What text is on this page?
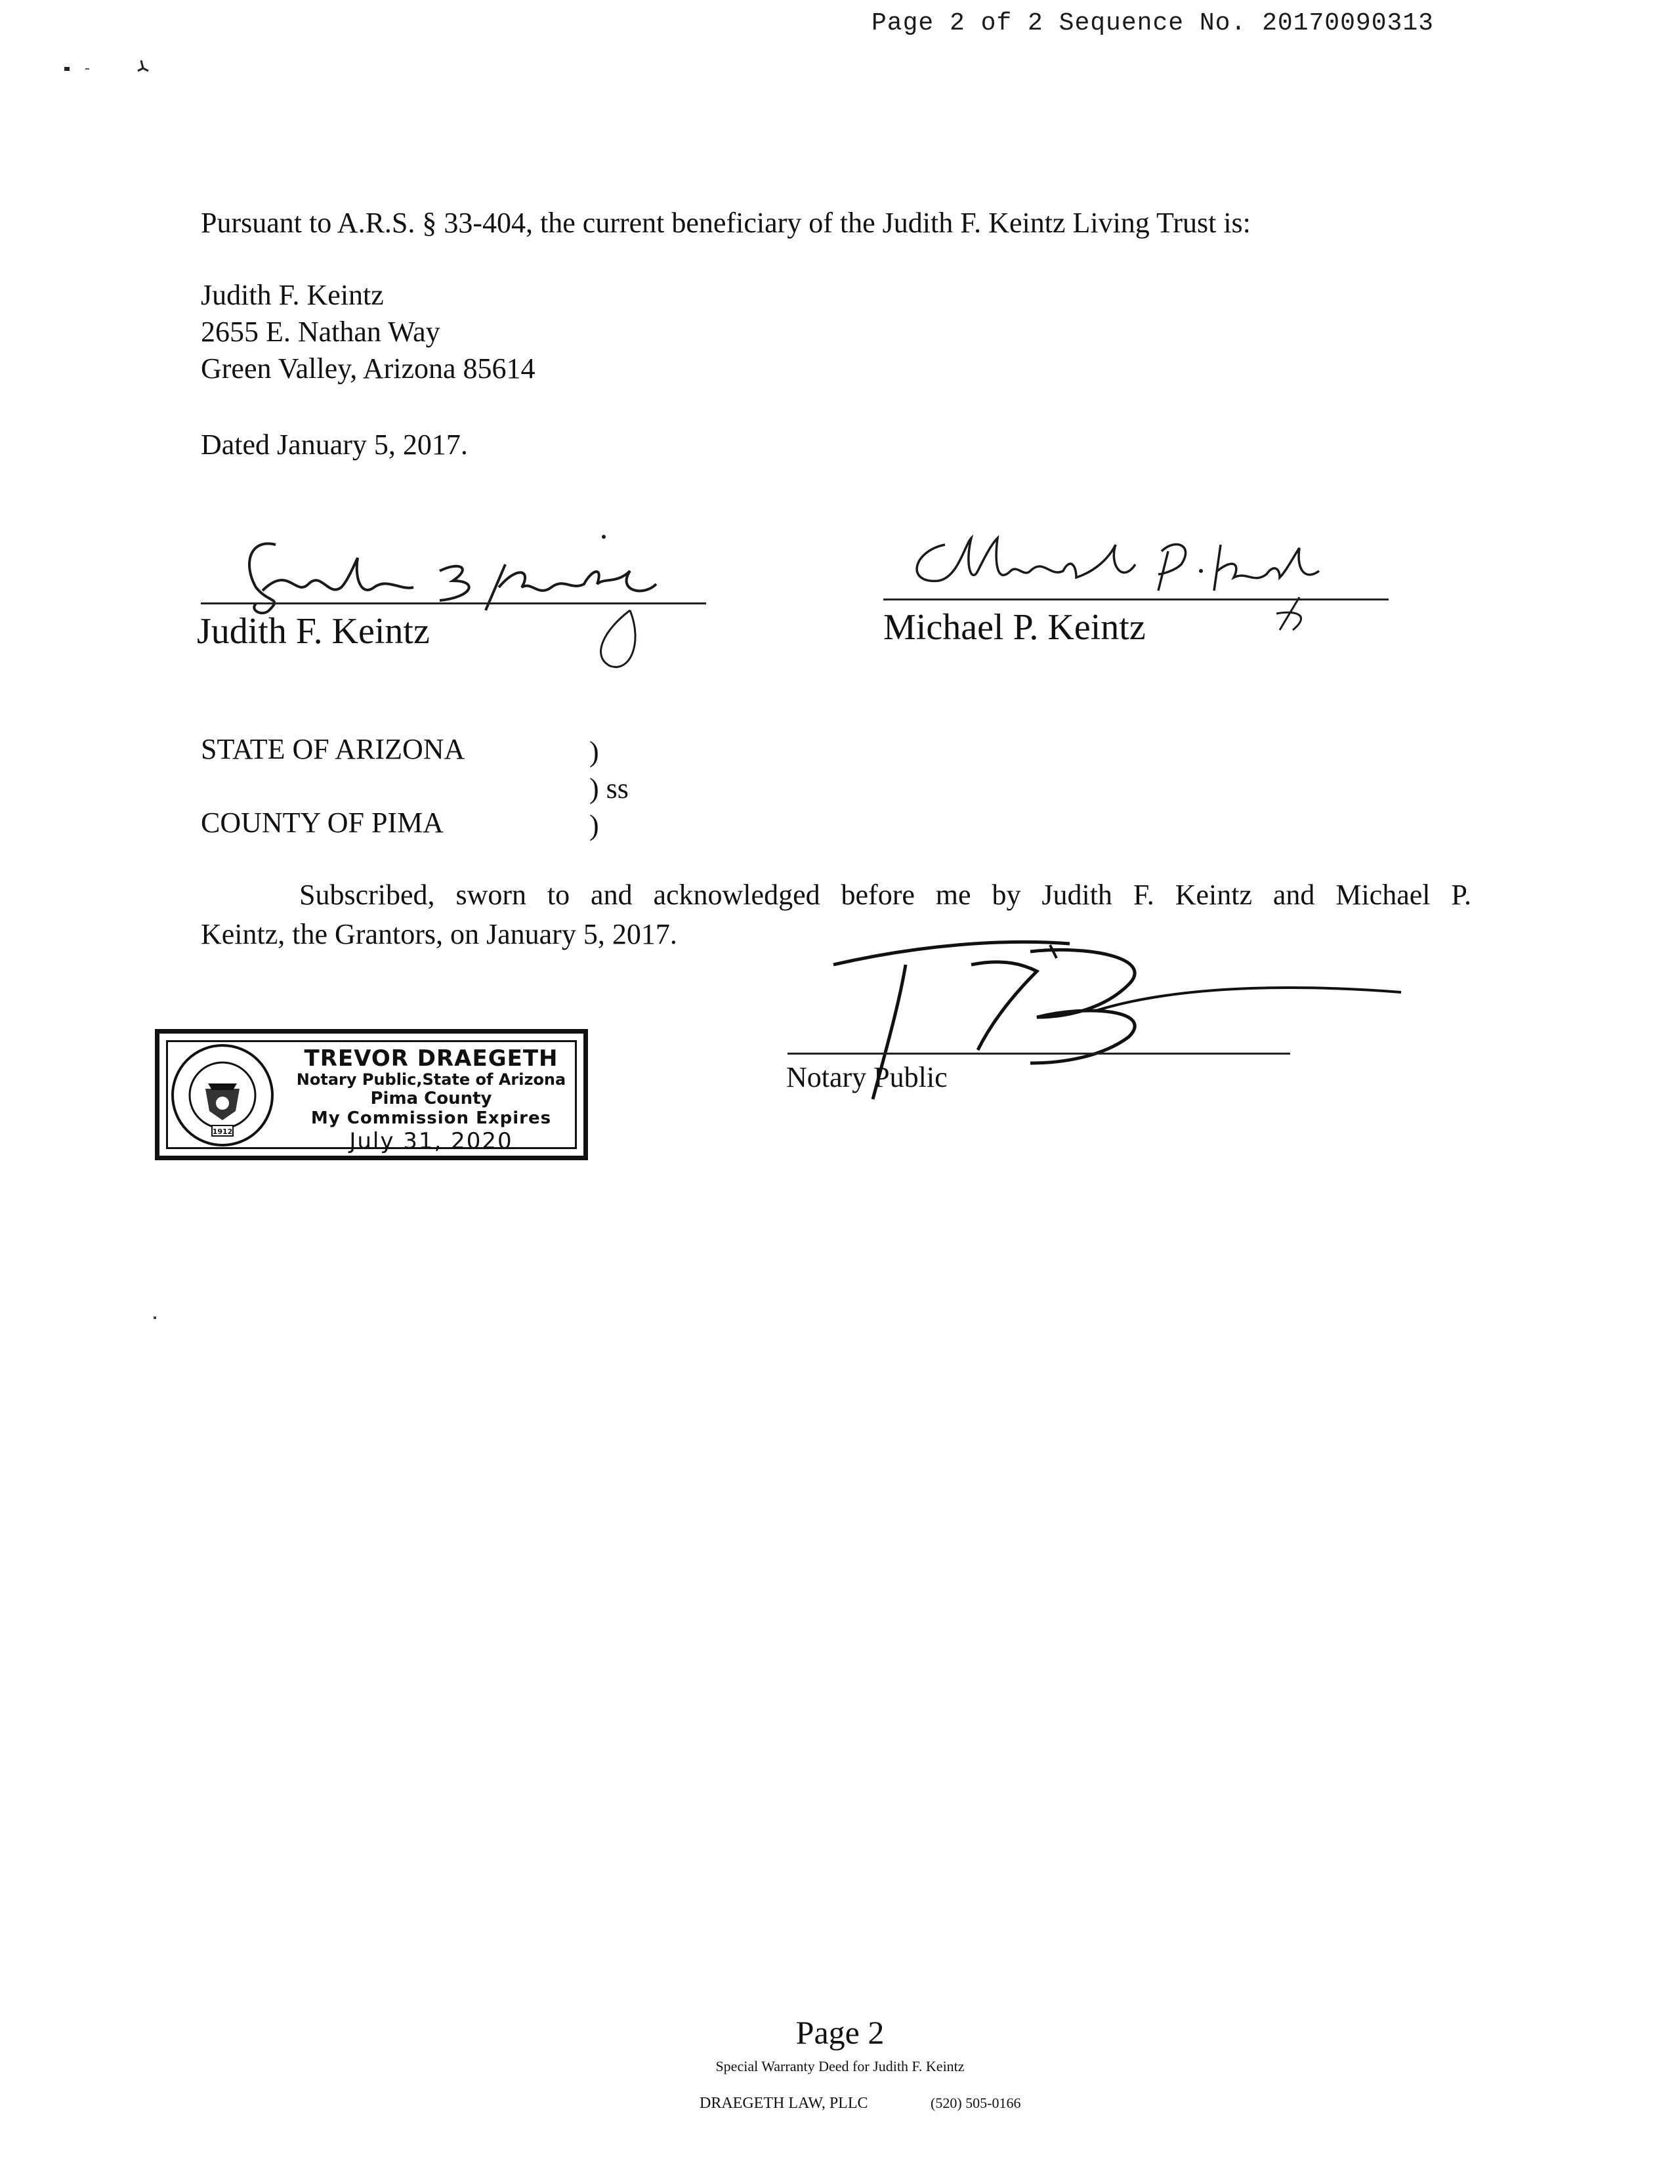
Page 2 of 2 Sequence No. 20170090313
Pursuant to A.R.S. § 33-404, the current beneficiary of the Judith F. Keintz Living Trust is:
Judith F. Keintz
2655 E. Nathan Way
Green Valley, Arizona 85614
Dated January 5, 2017.
Judith F. Keintz	Michael P. Keintz
STATE OF ARIZONA
COUNTY OF PIMA
)
) ss
)
Subscribed, sworn to and acknowledged before me by Judith F. Keintz and Michael P.
Keintz, the Grantors, on January 5, 2017.
Notary Public
1912
TREVOR DRAEGETH
Notary Public,State of Arizona
Pima County
My Commission Expires
July 31, 2020
Page 2
Special Warranty Deed for Judith F. Keintz
DRAEGETH LAW, PLLC	(520) 505-0166
